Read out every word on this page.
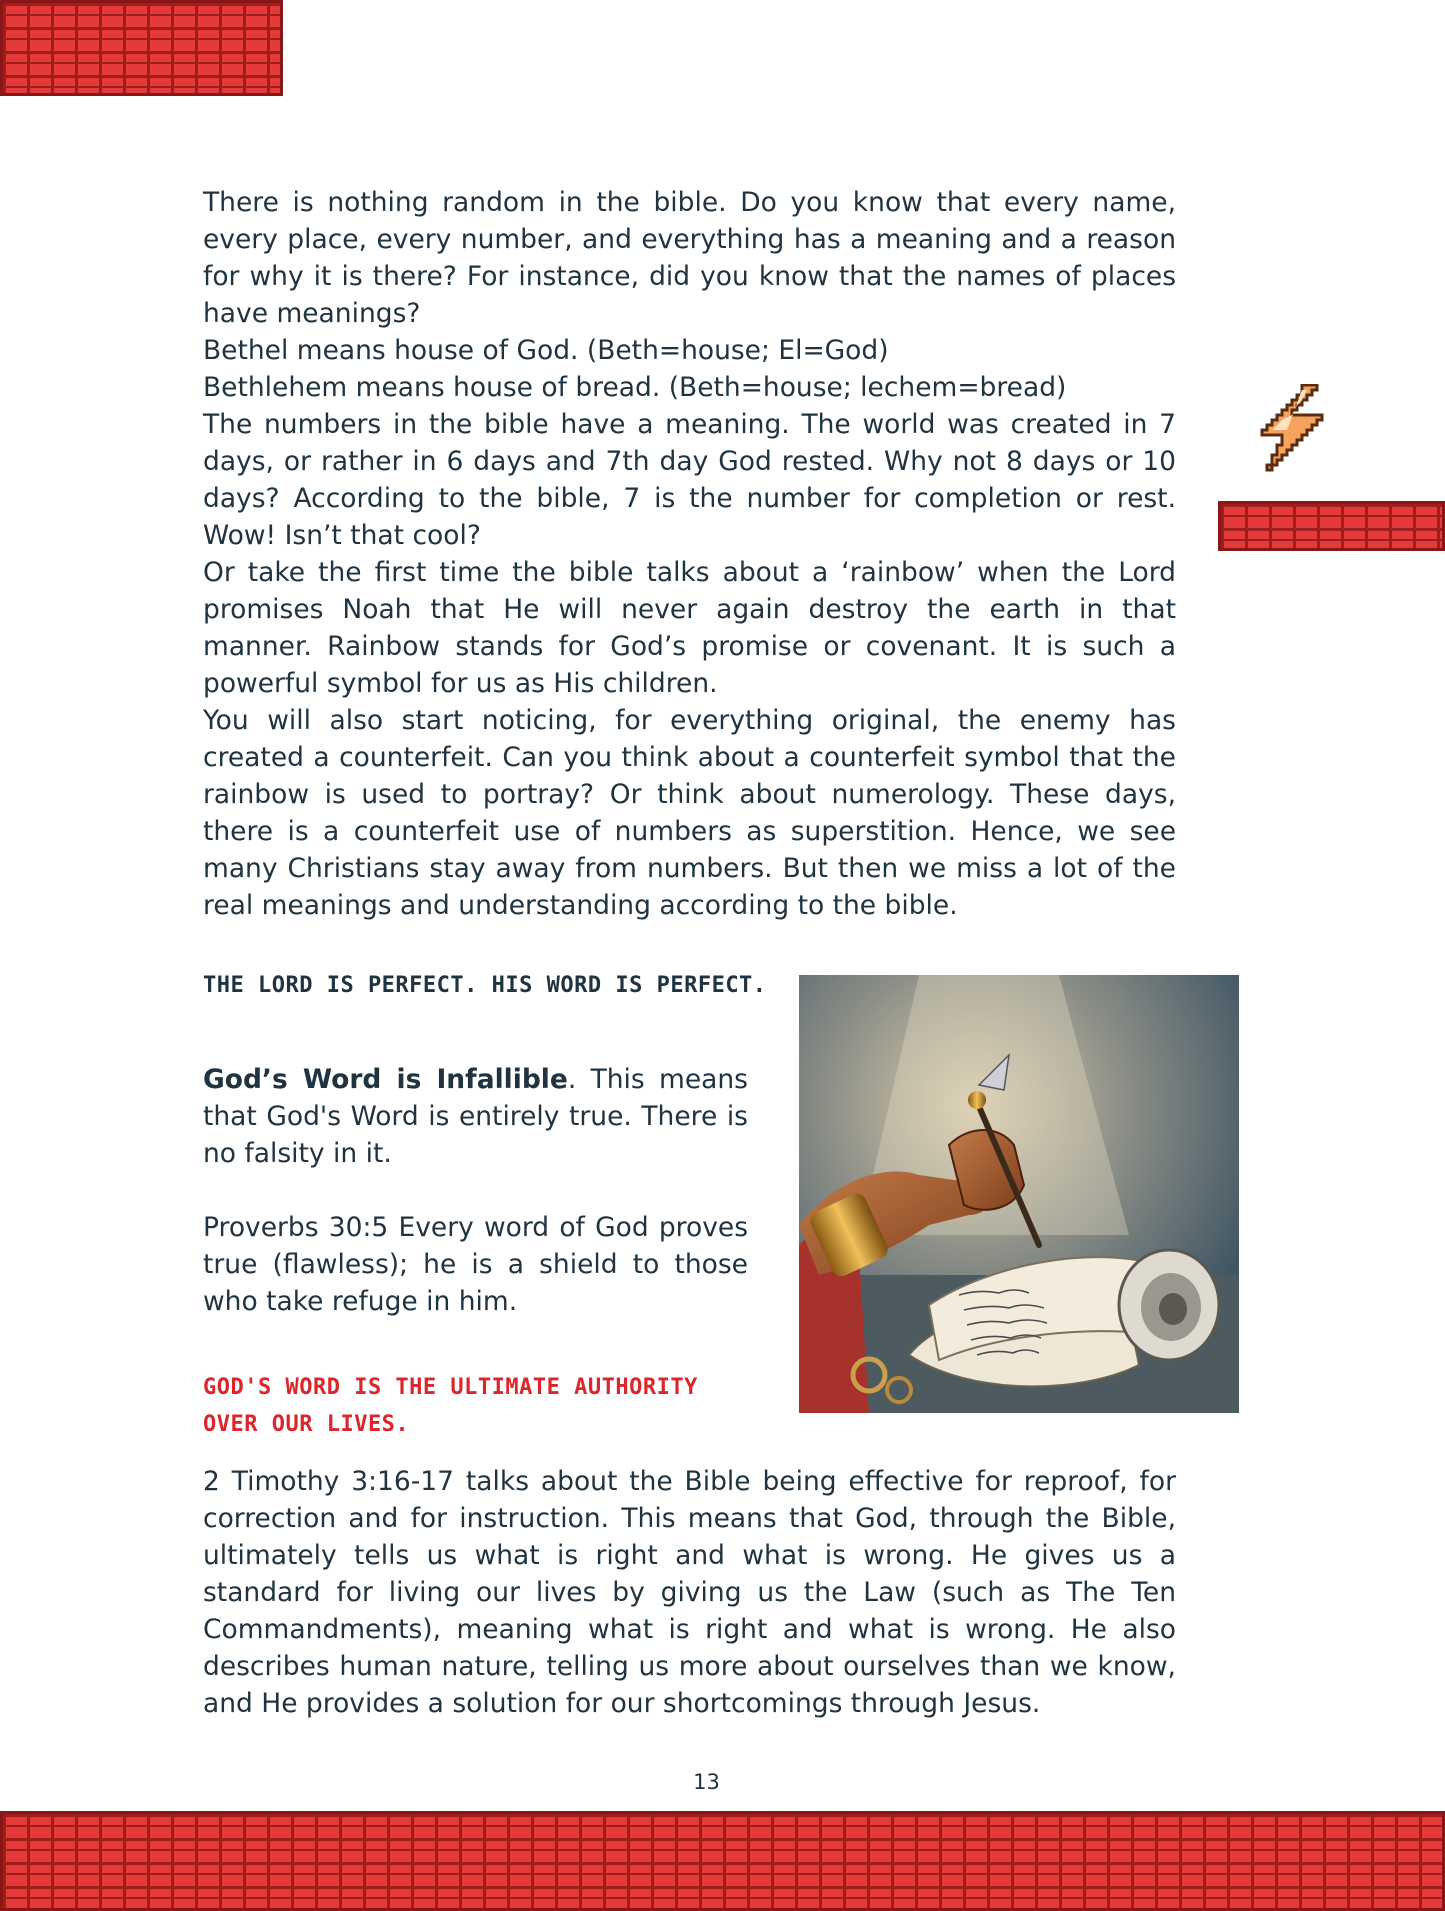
There is nothing random in the bible. Do you know that every name, every place, every number, and everything has a meaning and a reason for why it is there? For instance, did you know that the names of places have meanings?

Bethel means house of God. (Beth=house; El=God)

Bethlehem means house of bread. (Beth=house; lechem=bread)

The numbers in the bible have a meaning. The world was created in 7 days, or rather in 6 days and 7th day God rested. Why not 8 days or 10 days? According to the bible, 7 is the number for completion or rest. Wow! Isn’t that cool?

Or take the first time the bible talks about a ‘rainbow’ when the Lord promises Noah that He will never again destroy the earth in that manner. Rainbow stands for God’s promise or covenant. It is such a powerful symbol for us as His children.

You will also start noticing, for everything original, the enemy has created a counterfeit. Can you think about a counterfeit symbol that the rainbow is used to portray? Or think about numerology. These days, there is a counterfeit use of numbers as superstition. Hence, we see many Christians stay away from numbers. But then we miss a lot of the real meanings and understanding according to the bible.

THE LORD IS PERFECT. HIS WORD IS PERFECT.

God’s Word is Infallible. This means that God's Word is entirely true. There is no falsity in it.

Proverbs 30:5 Every word of God proves true (flawless); he is a shield to those who take refuge in him.

GOD'S WORD IS THE ULTIMATE AUTHORITY OVER OUR LIVES.

2 Timothy 3:16-17 talks about the Bible being effective for reproof, for correction and for instruction. This means that God, through the Bible, ultimately tells us what is right and what is wrong. He gives us a standard for living our lives by giving us the Law (such as The Ten Commandments), meaning what is right and what is wrong. He also describes human nature, telling us more about ourselves than we know, and He provides a solution for our shortcomings through Jesus.

13
